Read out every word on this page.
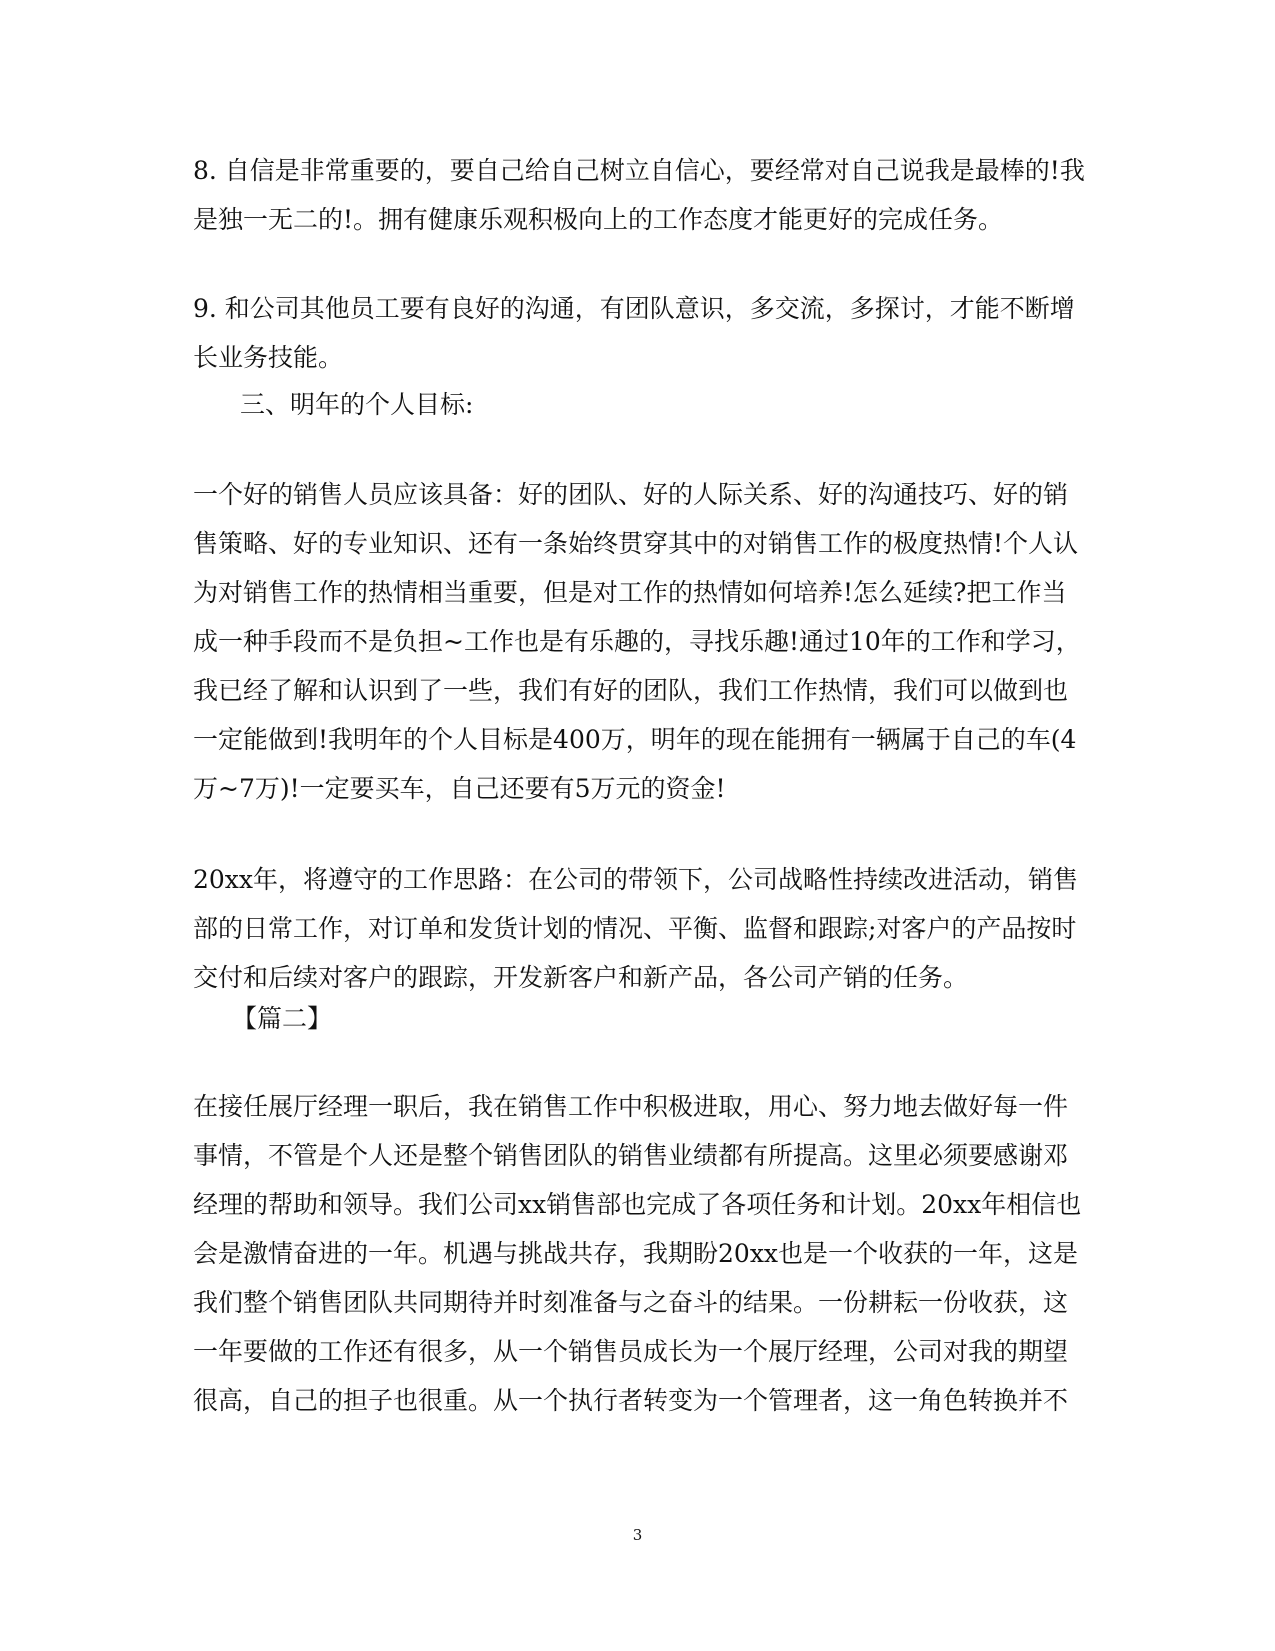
8. 自信是非常重要的，要自己给自己树立自信心，要经常对自己说我是最棒的!我
是独一无二的!。拥有健康乐观积极向上的工作态度才能更好的完成任务。
9. 和公司其他员工要有良好的沟通，有团队意识，多交流，多探讨，才能不断增
长业务技能。
三、明年的个人目标:
一个好的销售人员应该具备：好的团队、好的人际关系、好的沟通技巧、好的销
售策略、好的专业知识、还有一条始终贯穿其中的对销售工作的极度热情!个人认
为对销售工作的热情相当重要，但是对工作的热情如何培养!怎么延续?把工作当
成一种手段而不是负担~工作也是有乐趣的，寻找乐趣!通过10年的工作和学习，
我已经了解和认识到了一些，我们有好的团队，我们工作热情，我们可以做到也
一定能做到!我明年的个人目标是400万，明年的现在能拥有一辆属于自己的车(4
万~7万)!一定要买车，自己还要有5万元的资金!
20xx年，将遵守的工作思路：在公司的带领下，公司战略性持续改进活动，销售
部的日常工作，对订单和发货计划的情况、平衡、监督和跟踪;对客户的产品按时
交付和后续对客户的跟踪，开发新客户和新产品，各公司产销的任务。
【篇二】
在接任展厅经理一职后，我在销售工作中积极进取，用心、努力地去做好每一件
事情，不管是个人还是整个销售团队的销售业绩都有所提高。这里必须要感谢邓
经理的帮助和领导。我们公司xx销售部也完成了各项任务和计划。20xx年相信也
会是激情奋进的一年。机遇与挑战共存，我期盼20xx也是一个收获的一年，这是
我们整个销售团队共同期待并时刻准备与之奋斗的结果。一份耕耘一份收获，这
一年要做的工作还有很多，从一个销售员成长为一个展厅经理，公司对我的期望
很高，自己的担子也很重。从一个执行者转变为一个管理者，这一角色转换并不
3
